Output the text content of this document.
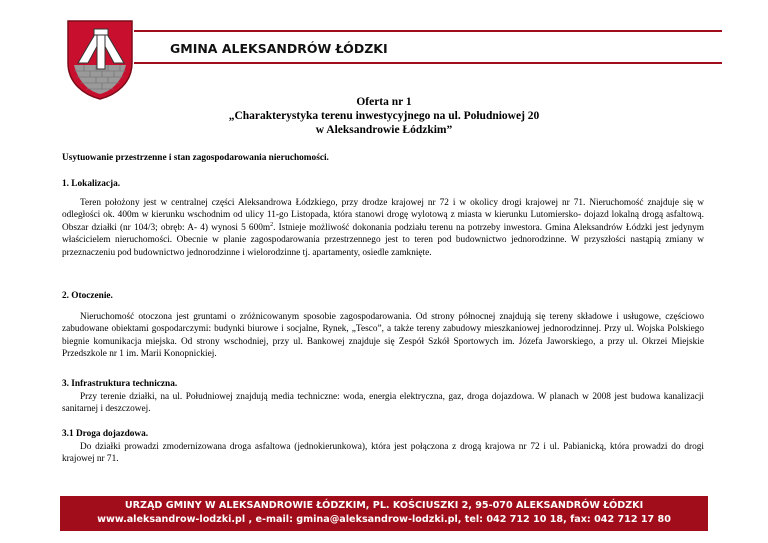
GMINA ALEKSANDRÓW ŁÓDZKI
Oferta nr 1
„Charakterystyka terenu inwestycyjnego na ul. Południowej 20
w Aleksandrowie Łódzkim”

Usytuowanie przestrzenne i stan zagospodarowania nieruchomości.

1. Lokalizacja.

Teren położony jest w centralnej części Aleksandrowa Łódzkiego, przy drodze krajowej nr 72 i w okolicy drogi krajowej nr 71. Nieruchomość znajduje się w odległości ok. 400m w kierunku wschodnim od ulicy 11-go Listopada, która stanowi drogę wylotową z miasta w kierunku Lutomiersko- dojazd lokalną drogą asfaltową. Obszar działki (nr 104/3; obręb: A- 4) wynosi 5 $600m^2$. Istnieje możliwość dokonania podziału terenu na potrzeby inwestora. Gmina Aleksandrów Łódzki jest jedynym właścicielem nieruchomości. Obecnie w planie zagospodarowania przestrzennego jest to teren pod budownictwo jednorodzinne. W przyszłości nastąpią zmiany w przeznaczeniu pod budownictwo jednorodzinne i wielorodzinne tj. apartamenty, osiedle zamknięte.

2. Otoczenie.

Nieruchomość otoczona jest gruntami o zróżnicowanym sposobie zagospodarowania. Od strony północnej znajdują się tereny składowe i usługowe, częściowo zabudowane obiektami gospodarczymi: budynki biurowe i socjalne, Rynek, „Tesco”, a także tereny zabudowy mieszkaniowej jednorodzinnej. Przy ul. Wojska Polskiego biegnie komunikacja miejska. Od strony wschodniej, przy ul. Bankowej znajduje się Zespół Szkół Sportowych im. Józefa Jaworskiego, a przy ul. Okrzei Miejskie Przedszkole nr 1 im. Marii Konopnickiej.

3. Infrastruktura techniczna.

Przy terenie działki, na ul. Południowej znajdują media techniczne: woda, energia elektryczna, gaz, droga dojazdowa. W planach w 2008 jest budowa kanalizacji sanitarnej i deszczowej.

3.1 Droga dojazdowa.

Do działki prowadzi zmodernizowana droga asfaltowa (jednokierunkowa), która jest połączona z drogą krajowa nr 72 i ul. Pabianicką, która prowadzi do drogi krajowej nr 71.

URZĄD GMINY W ALEKSANDROWIE ŁÓDZKIM, PL. KOŚCIUSZKI 2, 95-070 ALEKSANDRÓW ŁÓDZKI
www.aleksandrow-lodzki.pl , e-mail: gmina@aleksandrow-lodzki.pl, tel: 042 712 10 18, fax: 042 712 17 80
